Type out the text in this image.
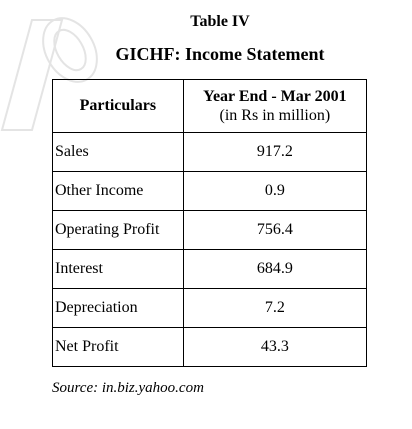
Table IV
GICHF: Income Statement
Particulars	Year End - Mar 2001
(in Rs in million)

Sales	917.2
Other Income	0.9
Operating Profit	756.4
Interest	684.9
Depreciation	7.2
Net Profit	43.3
Source: in.biz.yahoo.com
